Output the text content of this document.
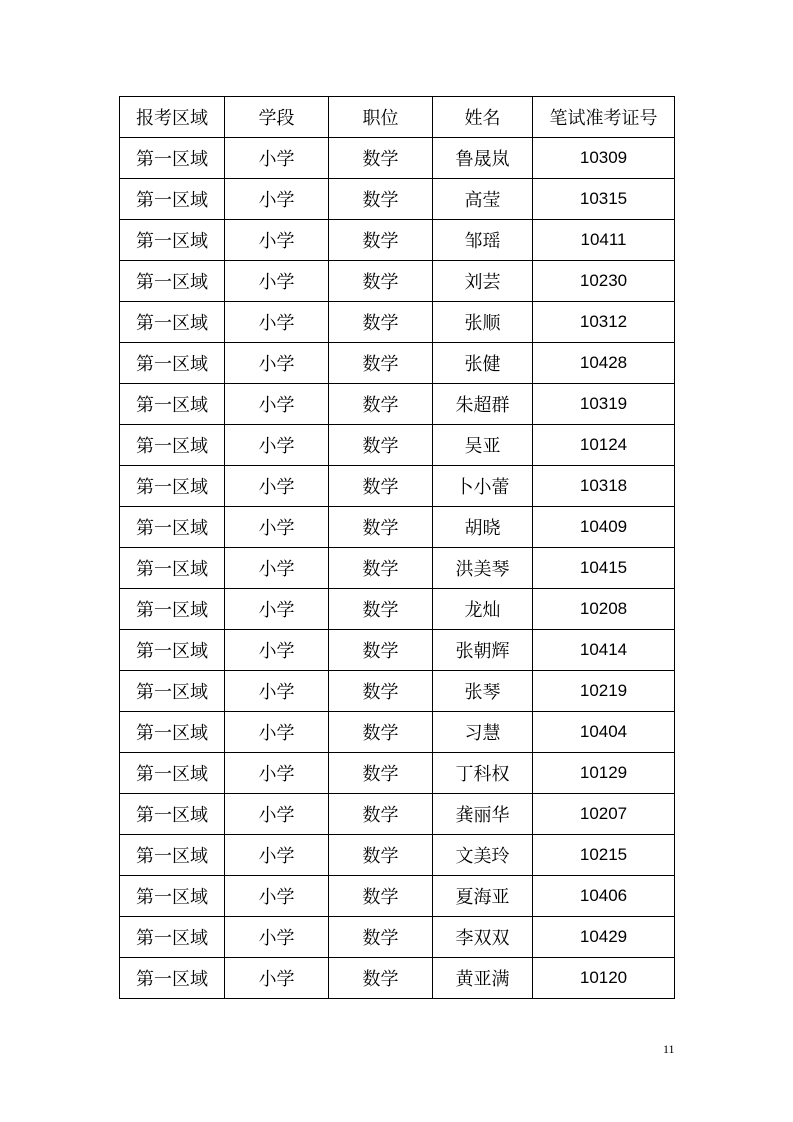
报考区域	学段	职位	姓名	笔试准考证号
第一区域	小学	数学	鲁晟岚	10309
第一区域	小学	数学	高莹	10315
第一区域	小学	数学	邹瑶	10411
第一区域	小学	数学	刘芸	10230
第一区域	小学	数学	张顺	10312
第一区域	小学	数学	张健	10428
第一区域	小学	数学	朱超群	10319
第一区域	小学	数学	吴亚	10124
第一区域	小学	数学	卜小蕾	10318
第一区域	小学	数学	胡晓	10409
第一区域	小学	数学	洪美琴	10415
第一区域	小学	数学	龙灿	10208
第一区域	小学	数学	张朝辉	10414
第一区域	小学	数学	张琴	10219
第一区域	小学	数学	习慧	10404
第一区域	小学	数学	丁科权	10129
第一区域	小学	数学	龚丽华	10207
第一区域	小学	数学	文美玲	10215
第一区域	小学	数学	夏海亚	10406
第一区域	小学	数学	李双双	10429
第一区域	小学	数学	黄亚满	10120
11
